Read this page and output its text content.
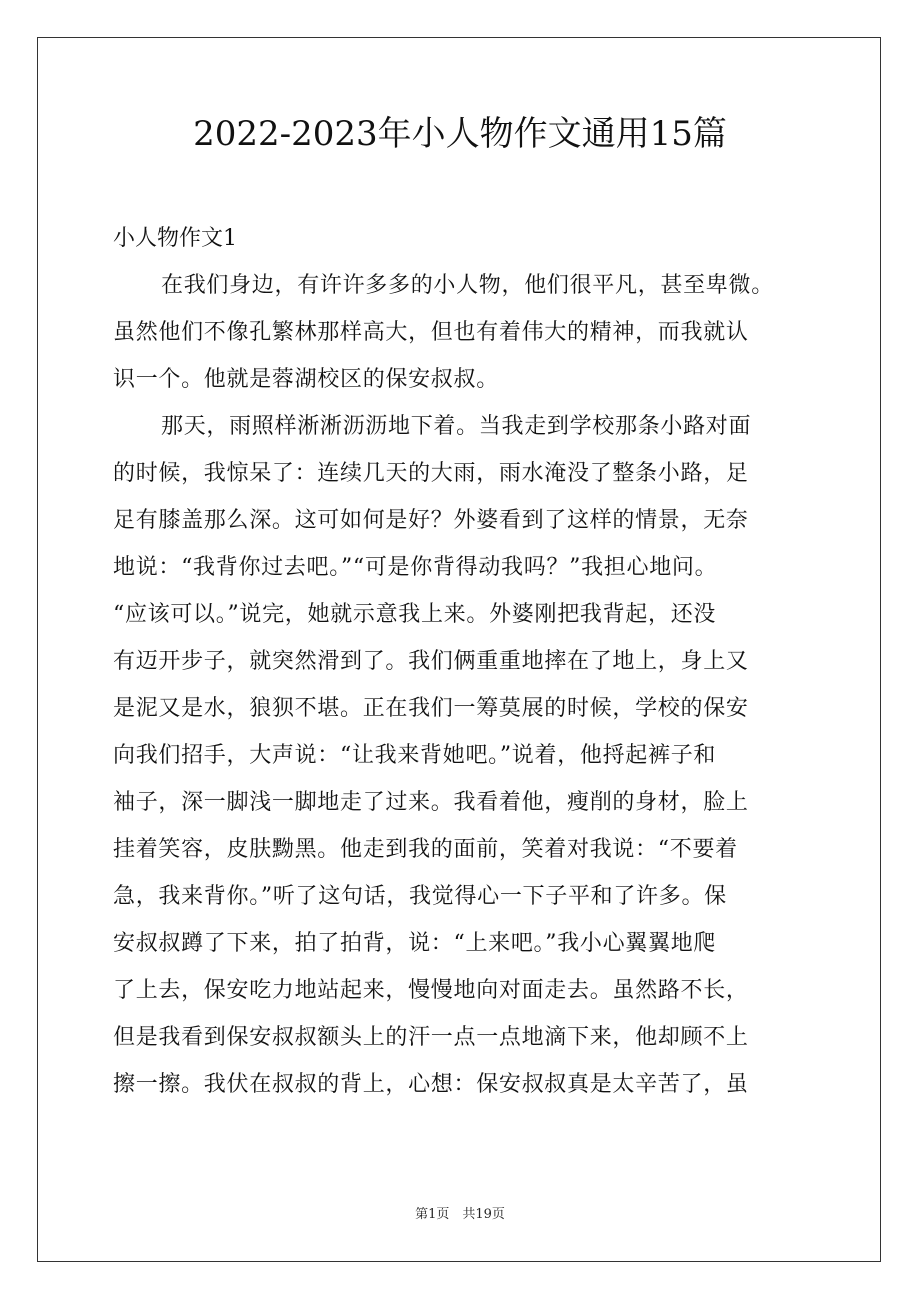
2022-2023年小人物作文通用15篇

小人物作文1

在我们身边，有许许多多的小人物，他们很平凡，甚至卑微。

虽然他们不像孔繁林那样高大，但也有着伟大的精神，而我就认

识一个。他就是蓉湖校区的保安叔叔。

那天，雨照样淅淅沥沥地下着。当我走到学校那条小路对面

的时候，我惊呆了：连续几天的大雨，雨水淹没了整条小路，足

足有膝盖那么深。这可如何是好？外婆看到了这样的情景，无奈

地说：“我背你过去吧。”“可是你背得动我吗？”我担心地问。

“应该可以。”说完，她就示意我上来。外婆刚把我背起，还没

有迈开步子，就突然滑到了。我们俩重重地摔在了地上，身上又

是泥又是水，狼狈不堪。正在我们一筹莫展的时候，学校的保安

向我们招手，大声说：“让我来背她吧。”说着，他捋起裤子和

袖子，深一脚浅一脚地走了过来。我看着他，瘦削的身材，脸上

挂着笑容，皮肤黝黑。他走到我的面前，笑着对我说：“不要着

急，我来背你。”听了这句话，我觉得心一下子平和了许多。保

安叔叔蹲了下来，拍了拍背，说：“上来吧。”我小心翼翼地爬

了上去，保安吃力地站起来，慢慢地向对面走去。虽然路不长，

但是我看到保安叔叔额头上的汗一点一点地滴下来，他却顾不上

擦一擦。我伏在叔叔的背上，心想：保安叔叔真是太辛苦了，虽

第1页　共19页
